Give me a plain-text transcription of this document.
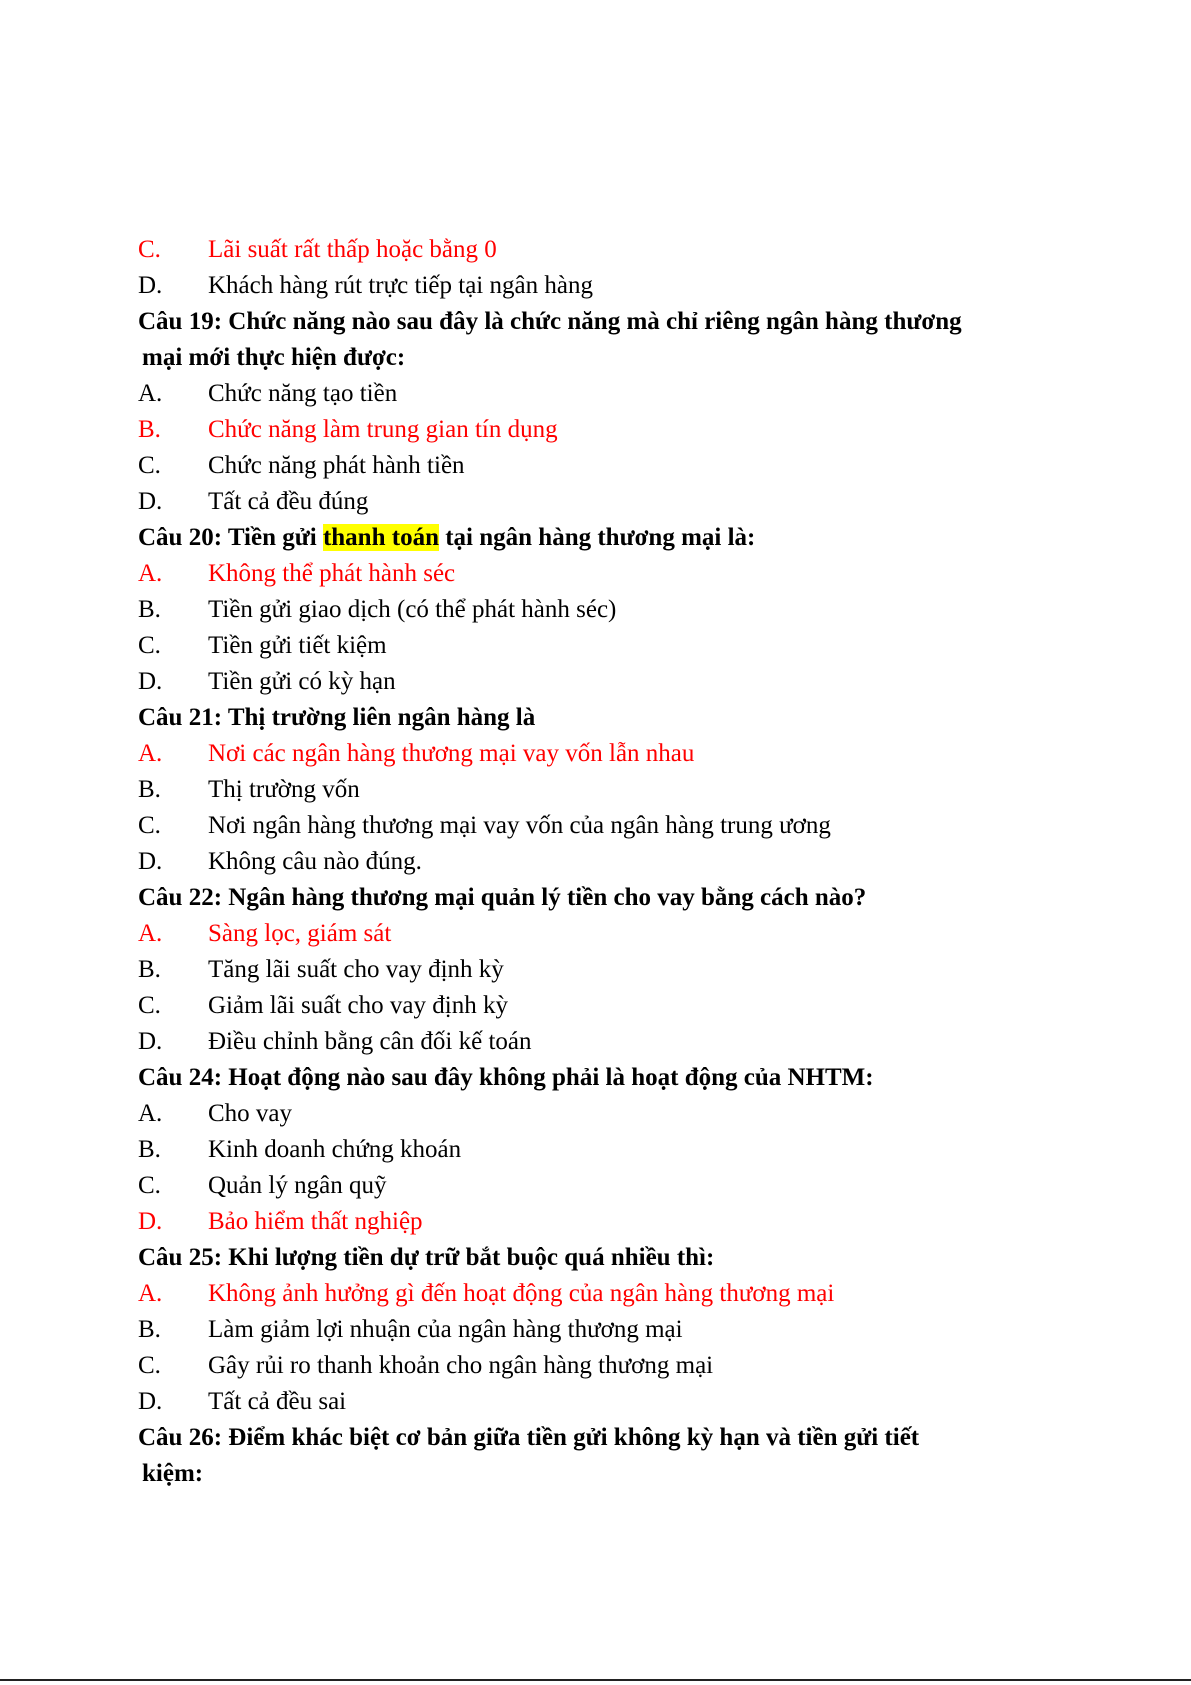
C.	Lãi suất rất thấp hoặc bằng 0
D.	Khách hàng rút trực tiếp tại ngân hàng
Câu 19: Chức năng nào sau đây là chức năng mà chỉ riêng ngân hàng thương
mại mới thực hiện được:
A.	Chức năng tạo tiền
B.	Chức năng làm trung gian tín dụng
C.	Chức năng phát hành tiền
D.	Tất cả đều đúng
Câu 20: Tiền gửi thanh toán tại ngân hàng thương mại là:
A.	Không thể phát hành séc
B.	Tiền gửi giao dịch (có thể phát hành séc)
C.	Tiền gửi tiết kiệm
D.	Tiền gửi có kỳ hạn
Câu 21: Thị trường liên ngân hàng là
A.	Nơi các ngân hàng thương mại vay vốn lẫn nhau
B.	Thị trường vốn
C.	Nơi ngân hàng thương mại vay vốn của ngân hàng trung ương
D.	Không câu nào đúng.
Câu 22: Ngân hàng thương mại quản lý tiền cho vay bằng cách nào?
A.	Sàng lọc, giám sát
B.	Tăng lãi suất cho vay định kỳ
C.	Giảm lãi suất cho vay định kỳ
D.	Điều chỉnh bằng cân đối kế toán
Câu 24: Hoạt động nào sau đây không phải là hoạt động của NHTM:
A.	Cho vay
B.	Kinh doanh chứng khoán
C.	Quản lý ngân quỹ
D.	Bảo hiểm thất nghiệp
Câu 25: Khi lượng tiền dự trữ bắt buộc quá nhiều thì:
A.	Không ảnh hưởng gì đến hoạt động của ngân hàng thương mại
B.	Làm giảm lợi nhuận của ngân hàng thương mại
C.	Gây rủi ro thanh khoản cho ngân hàng thương mại
D.	Tất cả đều sai
Câu 26: Điểm khác biệt cơ bản giữa tiền gửi không kỳ hạn và tiền gửi tiết
kiệm:
